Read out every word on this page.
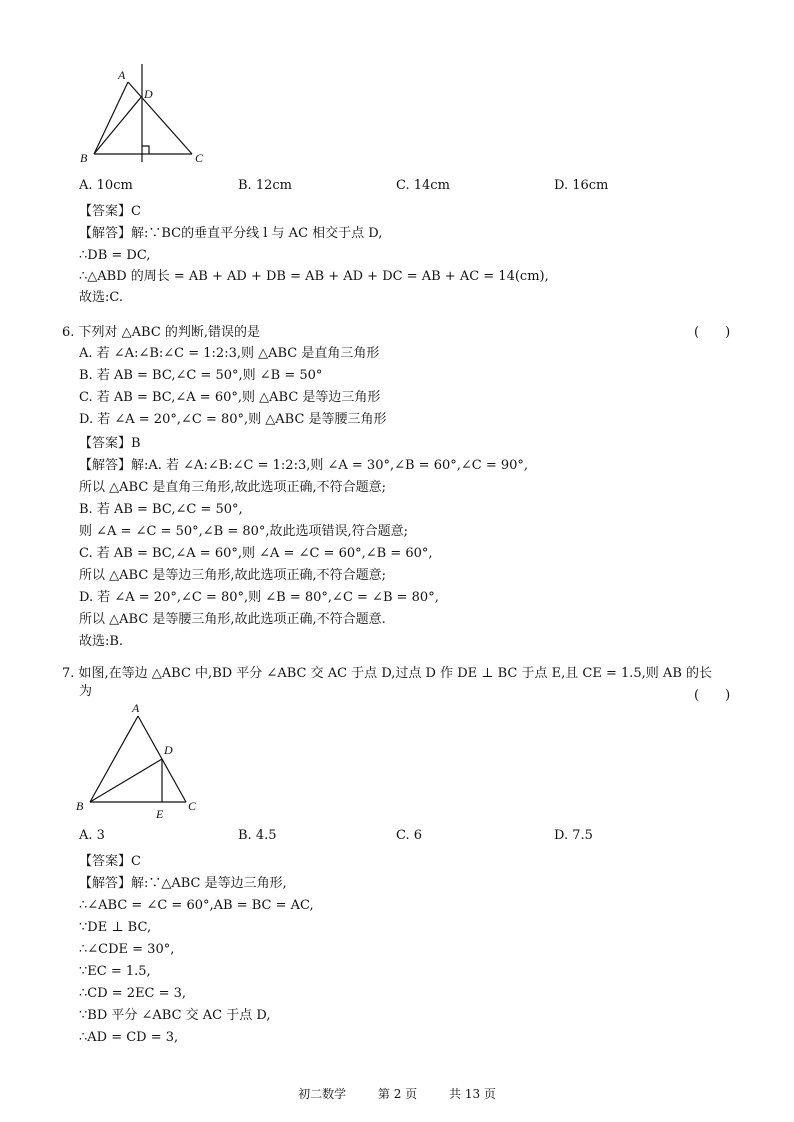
A
D
B	C
A. 10cm	B. 12cm	C. 14cm	D. 16cm
【答案】C
【解答】解:∵BC的垂直平分线 l 与 AC 相交于点 D,
∴DB = DC,
∴△ABD 的周长 = AB + AD + DB = AB + AD + DC = AB + AC = 14(cm),
故选:C.
6. 下列对 △ABC 的判断,错误的是	(　　)
A. 若 ∠A:∠B:∠C = 1:2:3,则 △ABC 是直角三角形
B. 若 AB = BC,∠C = 50°,则 ∠B = 50°
C. 若 AB = BC,∠A = 60°,则 △ABC 是等边三角形
D. 若 ∠A = 20°,∠C = 80°,则 △ABC 是等腰三角形
【答案】B
【解答】解:A. 若 ∠A:∠B:∠C = 1:2:3,则 ∠A = 30°,∠B = 60°,∠C = 90°,
所以 △ABC 是直角三角形,故此选项正确,不符合题意;
B. 若 AB = BC,∠C = 50°,
则 ∠A = ∠C = 50°,∠B = 80°,故此选项错误,符合题意;
C. 若 AB = BC,∠A = 60°,则 ∠A = ∠C = 60°,∠B = 60°,
所以 △ABC 是等边三角形,故此选项正确,不符合题意;
D. 若 ∠A = 20°,∠C = 80°,则 ∠B = 80°,∠C = ∠B = 80°,
所以 △ABC 是等腰三角形,故此选项正确,不符合题意.
故选:B.
7. 如图,在等边 △ABC 中,BD 平分 ∠ABC 交 AC 于点 D,过点 D 作 DE ⊥ BC 于点 E,且 CE = 1.5,则 AB 的长
为	(　　)
A
D
B	C
E
A. 3	B. 4.5	C. 6	D. 7.5
【答案】C
【解答】解:∵△ABC 是等边三角形,
∴∠ABC = ∠C = 60°,AB = BC = AC,
∵DE ⊥ BC,
∴∠CDE = 30°,
∵EC = 1.5,
∴CD = 2EC = 3,
∵BD 平分 ∠ABC 交 AC 于点 D,
∴AD = CD = 3,
初二数学	第 2 页	共 13 页
